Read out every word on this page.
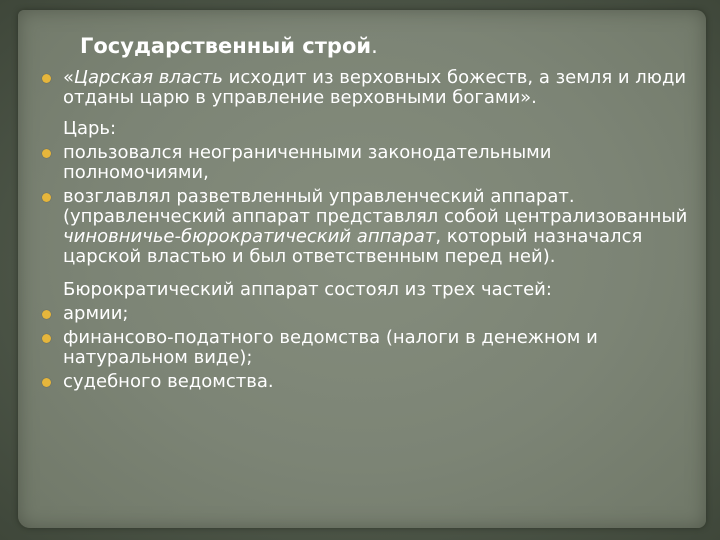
Государственный строй.

«Царская власть исходит из верховных божеств, а земля и люди отданы царю в управление верховными богами».

Царь:

пользовался неограниченными законодательными полномочиями,

возглавлял разветвленный управленческий аппарат. (управленческий аппарат представлял собой централизованный
чиновничье-бюрократический аппарат, который назначался царской властью и был ответственным перед ней).

Бюрократический аппарат состоял из трех частей:

армии;

финансово-податного ведомства (налоги в денежном и натуральном виде);

судебного ведомства.
